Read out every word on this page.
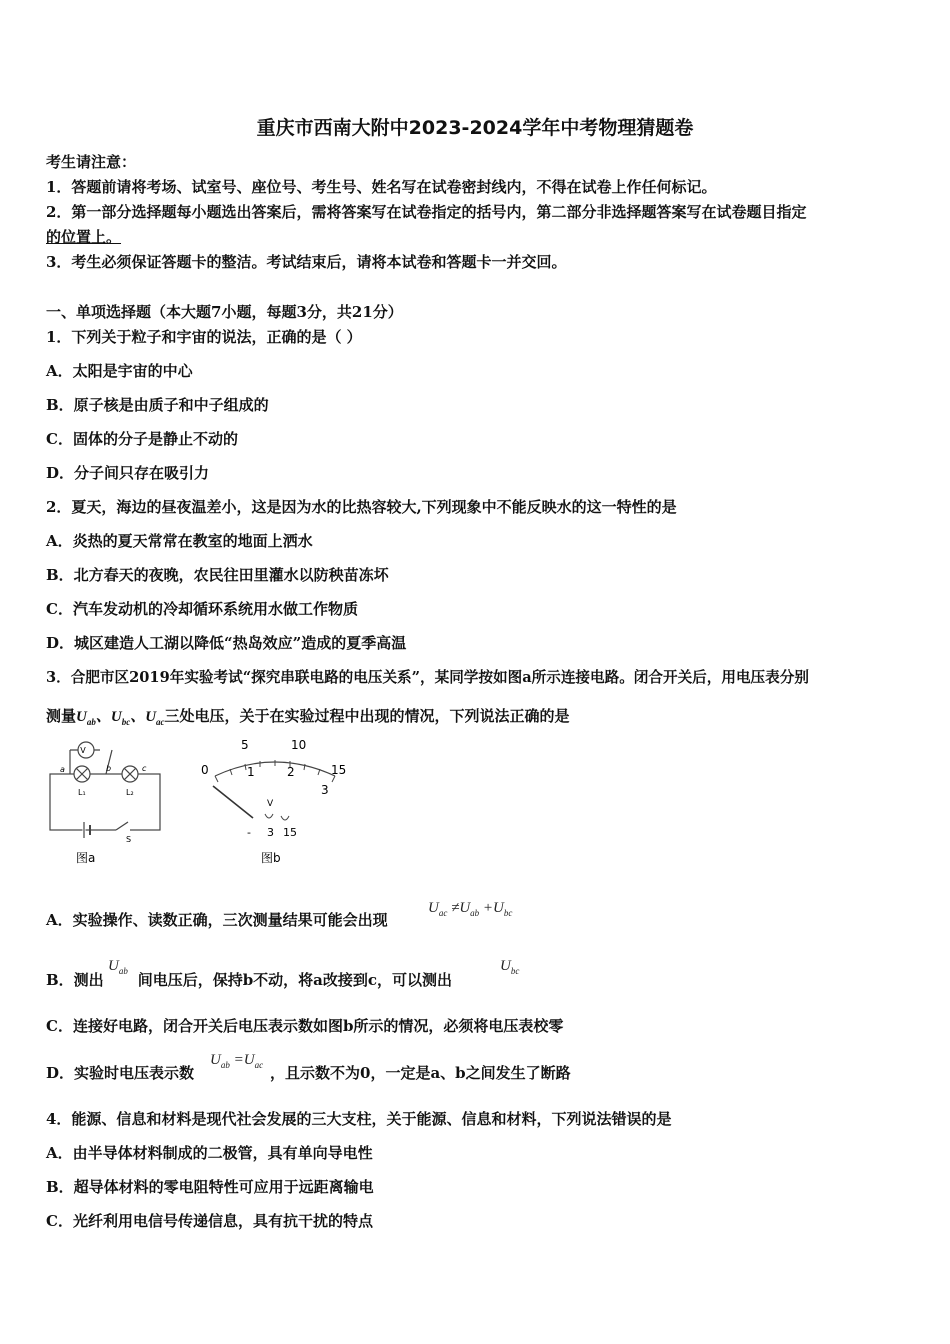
重庆市西南大附中2023-2024学年中考物理猜题卷
考生请注意：
1．答题前请将考场、试室号、座位号、考生号、姓名写在试卷密封线内，不得在试卷上作任何标记。
2．第一部分选择题每小题选出答案后，需将答案写在试卷指定的括号内，第二部分非选择题答案写在试卷题目指定
的位置上。
3．考生必须保证答题卡的整洁。考试结束后，请将本试卷和答题卡一并交回。
一、单项选择题（本大题7小题，每题3分，共21分）
1．下列关于粒子和宇宙的说法，正确的是（ ）
A．太阳是宇宙的中心
B．原子核是由质子和中子组成的
C．固体的分子是静止不动的
D．分子间只存在吸引力
2．夏天，海边的昼夜温差小，这是因为水的比热容较大,下列现象中不能反映水的这一特性的是
A．炎热的夏天常常在教室的地面上洒水
B．北方春天的夜晚，农民往田里灌水以防秧苗冻坏
C．汽车发动机的冷却循环系统用水做工作物质
D．城区建造人工湖以降低“热岛效应”造成的夏季高温
3．合肥市区2019年实验考试“探究串联电路的电压关系”，某同学按如图a所示连接电路。闭合开关后，用电压表分别
测量$U_{ab}$、$U_{bc}$、$U_{ac}$三处电压，关于在实验过程中出现的情况，下列说法正确的是
V
a	b	c
L₁	L₂
S
图a
5	10
0	1	2	15
3
V
- 3 15
图b
A．实验操作、读数正确，三次测量结果可能会出现
$U_{ac} \ne U_{ab} +U_{bc}$
B．测出 间电压后，保持b不动，将a改接到c，可以测出
$U_{ab}$	$U_{bc}$
C．连接好电路，闭合开关后电压表示数如图b所示的情况，必须将电压表校零
D．实验时电压表示数	，且示数不为0，一定是a、b之间发生了断路
$U_{ab} =U_{ac}$
4．能源、信息和材料是现代社会发展的三大支柱，关于能源、信息和材料，下列说法错误的是
A．由半导体材料制成的二极管，具有单向导电性
B．超导体材料的零电阻特性可应用于远距离输电
C．光纤利用电信号传递信息，具有抗干扰的特点
